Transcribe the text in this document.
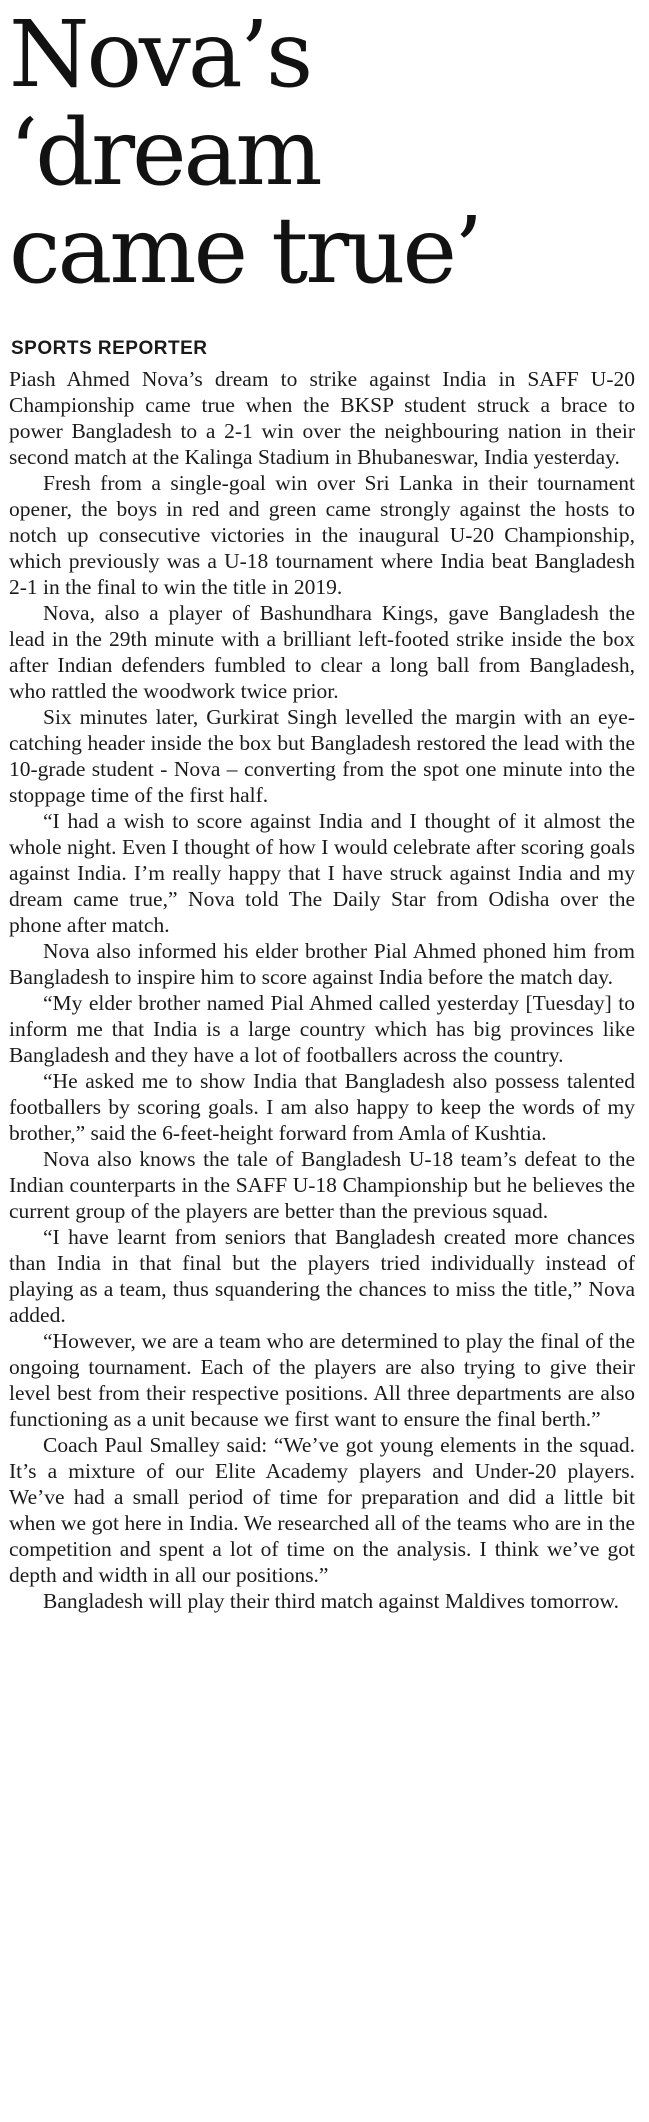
Nova’s
‘dream
came true’
SPORTS REPORTER

Piash Ahmed Nova’s dream to strike against India in SAFF U-20 Championship came true when the BKSP student struck a brace to power Bangladesh to a 2-1 win over the neighbouring nation in their second match at the Kalinga Stadium in Bhubaneswar, India yesterday.

Fresh from a single-goal win over Sri Lanka in their tournament opener, the boys in red and green came strongly against the hosts to notch up consecutive victories in the inaugural U-20 Championship, which previously was a U-18 tournament where India beat Bangladesh 2-1 in the final to win the title in 2019.

Nova, also a player of Bashundhara Kings, gave Bangladesh the lead in the 29th minute with a brilliant left-footed strike inside the box after Indian defenders fumbled to clear a long ball from Bangladesh, who rattled the woodwork twice prior.

Six minutes later, Gurkirat Singh levelled the margin with an eye-catching header inside the box but Bangladesh restored the lead with the 10-grade student - Nova – converting from the spot one minute into the stoppage time of the first half.

“I had a wish to score against India and I thought of it almost the whole night. Even I thought of how I would celebrate after scoring goals against India. I’m really happy that I have struck against India and my dream came true,” Nova told The Daily Star from Odisha over the phone after match.

Nova also informed his elder brother Pial Ahmed phoned him from Bangladesh to inspire him to score against India before the match day.

“My elder brother named Pial Ahmed called yesterday [Tuesday] to inform me that India is a large country which has big provinces like Bangladesh and they have a lot of footballers across the country.

“He asked me to show India that Bangladesh also possess talented footballers by scoring goals. I am also happy to keep the words of my brother,” said the 6-feet-height forward from Amla of Kushtia.

Nova also knows the tale of Bangladesh U-18 team’s defeat to the Indian counterparts in the SAFF U-18 Championship but he believes the current group of the players are better than the previous squad.

“I have learnt from seniors that Bangladesh created more chances than India in that final but the players tried individually instead of playing as a team, thus squandering the chances to miss the title,” Nova added.

“However, we are a team who are determined to play the final of the ongoing tournament. Each of the players are also trying to give their level best from their respective positions. All three departments are also functioning as a unit because we first want to ensure the final berth.”

Coach Paul Smalley said: “We’ve got young elements in the squad. It’s a mixture of our Elite Academy players and Under-20 players. We’ve had a small period of time for preparation and did a little bit when we got here in India. We researched all of the teams who are in the competition and spent a lot of time on the analysis. I think we’ve got depth and width in all our positions.”

Bangladesh will play their third match against Maldives tomorrow.
